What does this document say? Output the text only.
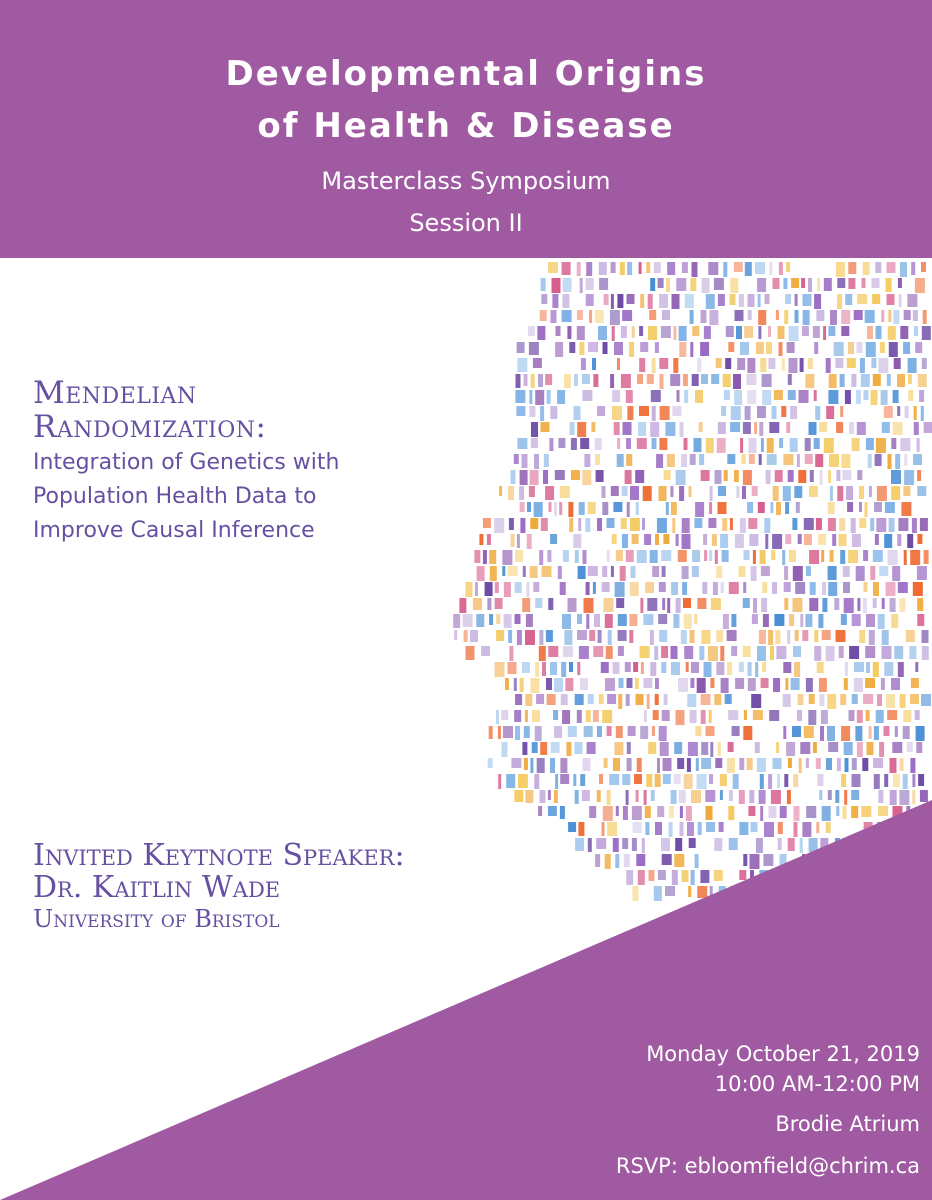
Developmental Origins
of Health & Disease
Masterclass Symposium
Session II
Mendelian
Randomization:
Integration of Genetics with
Population Health Data to
Improve Causal Inference
Invited Keytnote Speaker:
Dr. Kaitlin Wade
University of Bristol
Monday October 21, 2019
10:00 AM-12:00 PM
Brodie Atrium
RSVP: ebloomfield@chrim.ca
